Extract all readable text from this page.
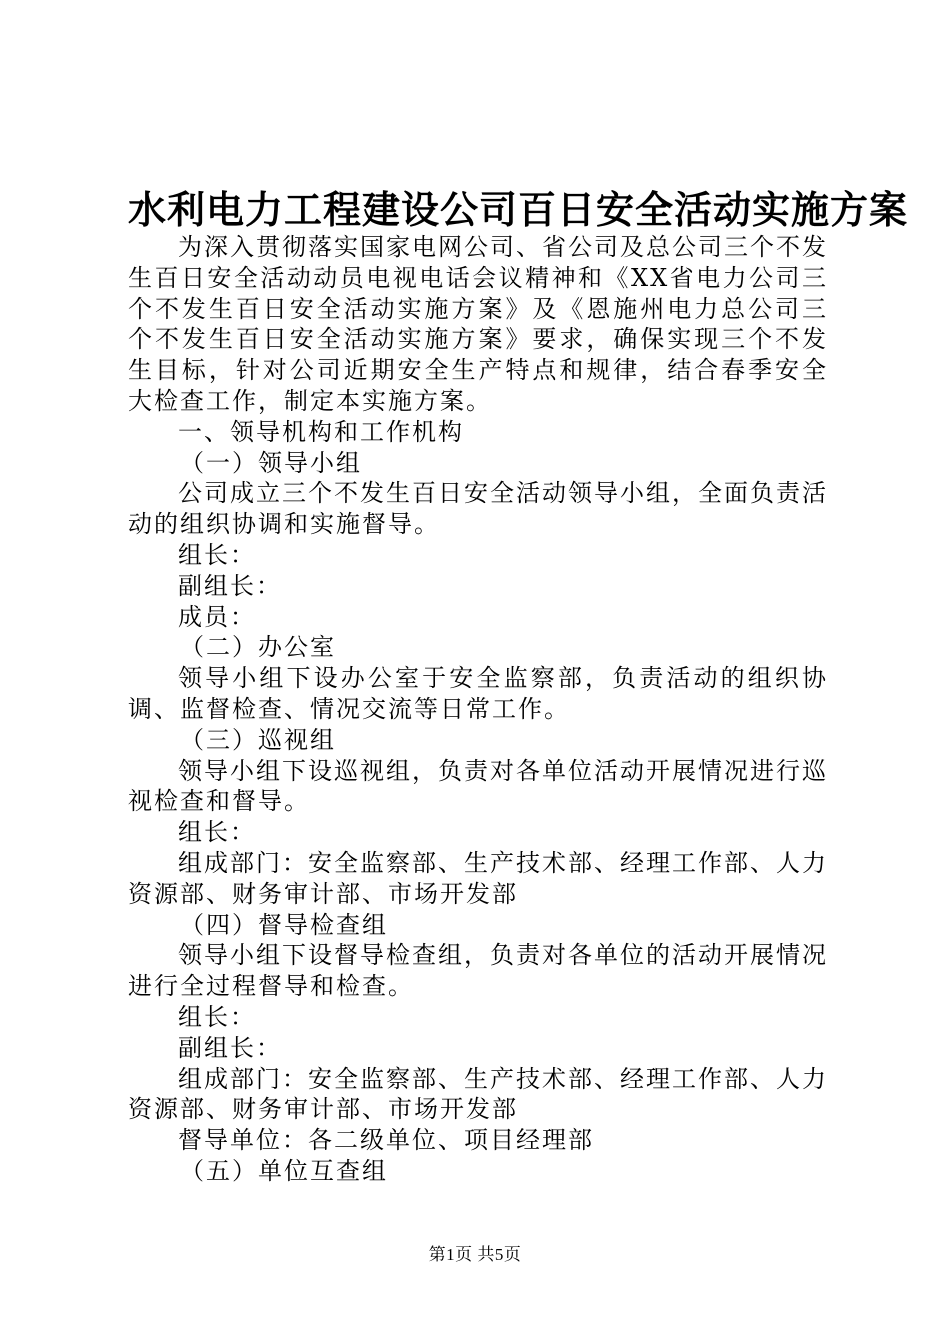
水利电力工程建设公司百日安全活动实施方案

为深入贯彻落实国家电网公司、省公司及总公司三个不发生百日安全活动动员电视电话会议精神和《XX省电力公司三个不发生百日安全活动实施方案》及《恩施州电力总公司三个不发生百日安全活动实施方案》要求，确保实现三个不发生目标，针对公司近期安全生产特点和规律，结合春季安全大检查工作，制定本实施方案。

一、领导机构和工作机构

（一）领导小组

公司成立三个不发生百日安全活动领导小组，全面负责活动的组织协调和实施督导。

组长：

副组长：

成员：

（二）办公室

领导小组下设办公室于安全监察部，负责活动的组织协调、监督检查、情况交流等日常工作。

（三）巡视组

领导小组下设巡视组，负责对各单位活动开展情况进行巡视检查和督导。

组长：

组成部门：安全监察部、生产技术部、经理工作部、人力资源部、财务审计部、市场开发部

（四）督导检查组

领导小组下设督导检查组，负责对各单位的活动开展情况进行全过程督导和检查。

组长：

副组长：

组成部门：安全监察部、生产技术部、经理工作部、人力资源部、财务审计部、市场开发部

督导单位：各二级单位、项目经理部

（五）单位互查组

第1页 共5页
